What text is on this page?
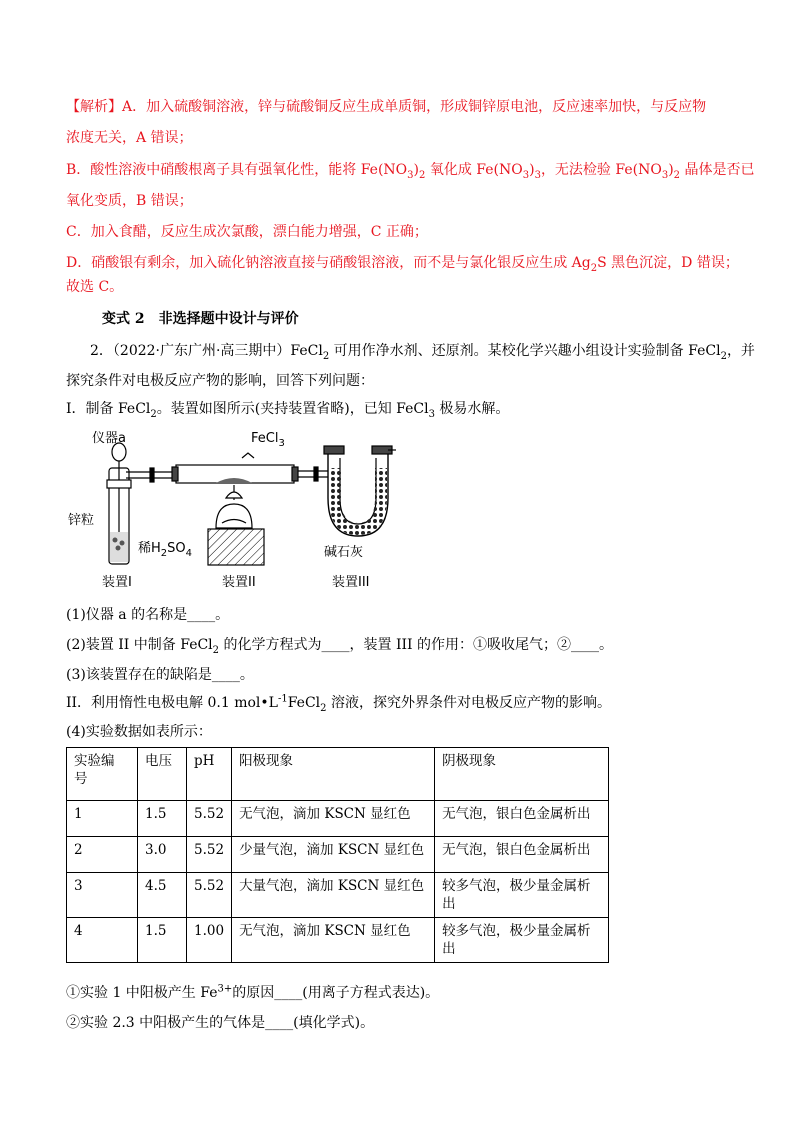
【解析】A．加入硫酸铜溶液，锌与硫酸铜反应生成单质铜，形成铜锌原电池，反应速率加快，与反应物
浓度无关，A 错误；
B．酸性溶液中硝酸根离子具有强氧化性，能将 $Fe(NO_3)_2$ 氧化成 $Fe(NO_3)_3$，无法检验 $Fe(NO_3)_2$ 晶体是否已
氧化变质，B 错误；
C．加入食醋，反应生成次氯酸，漂白能力增强，C 正确；
D．硝酸银有剩余，加入硫化钠溶液直接与硝酸银溶液，而不是与氯化银反应生成 $Ag_2S$ 黑色沉淀，D 错误；
故选 C。
变式 2　非选择题中设计与评价
2．（2022·广东广州·高三期中）FeCl$_2$ 可用作净水剂、还原剂。某校化学兴趣小组设计实验制备 FeCl$_2$，并
探究条件对电极反应产物的影响，回答下列问题：
I．制备 FeCl$_2$。装置如图所示(夹持装置省略)，已知 FeCl$_3$ 极易水解。
仪器a	FeCl$_3$
锌粒
稀$H_2SO_4$	碱石灰
装置I	装置II	装置III
(1)仪器 a 的名称是____。
(2)装置 II 中制备 FeCl$_2$ 的化学方程式为____，装置 III 的作用：①吸收尾气；②____。
(3)该装置存在的缺陷是____。
II．利用惰性电极电解 0.1 $mol•L^{-1}FeCl_2$ 溶液，探究外界条件对电极反应产物的影响。
(4)实验数据如表所示：
实验编
号	电压	pH	阳极现象	阴极现象
1	1.5	5.52	无气泡，滴加 KSCN 显红色	无气泡，银白色金属析出
2	3.0	5.52	少量气泡，滴加 KSCN 显红色	无气泡，银白色金属析出
3	4.5	5.52	大量气泡，滴加 KSCN 显红色	较多气泡，极少量金属析出
4	1.5	1.00	无气泡，滴加 KSCN 显红色	较多气泡，极少量金属析出
①实验 1 中阳极产生 $Fe^{3+}$的原因____(用离子方程式表达)。
②实验 2.3 中阳极产生的气体是____(填化学式)。
